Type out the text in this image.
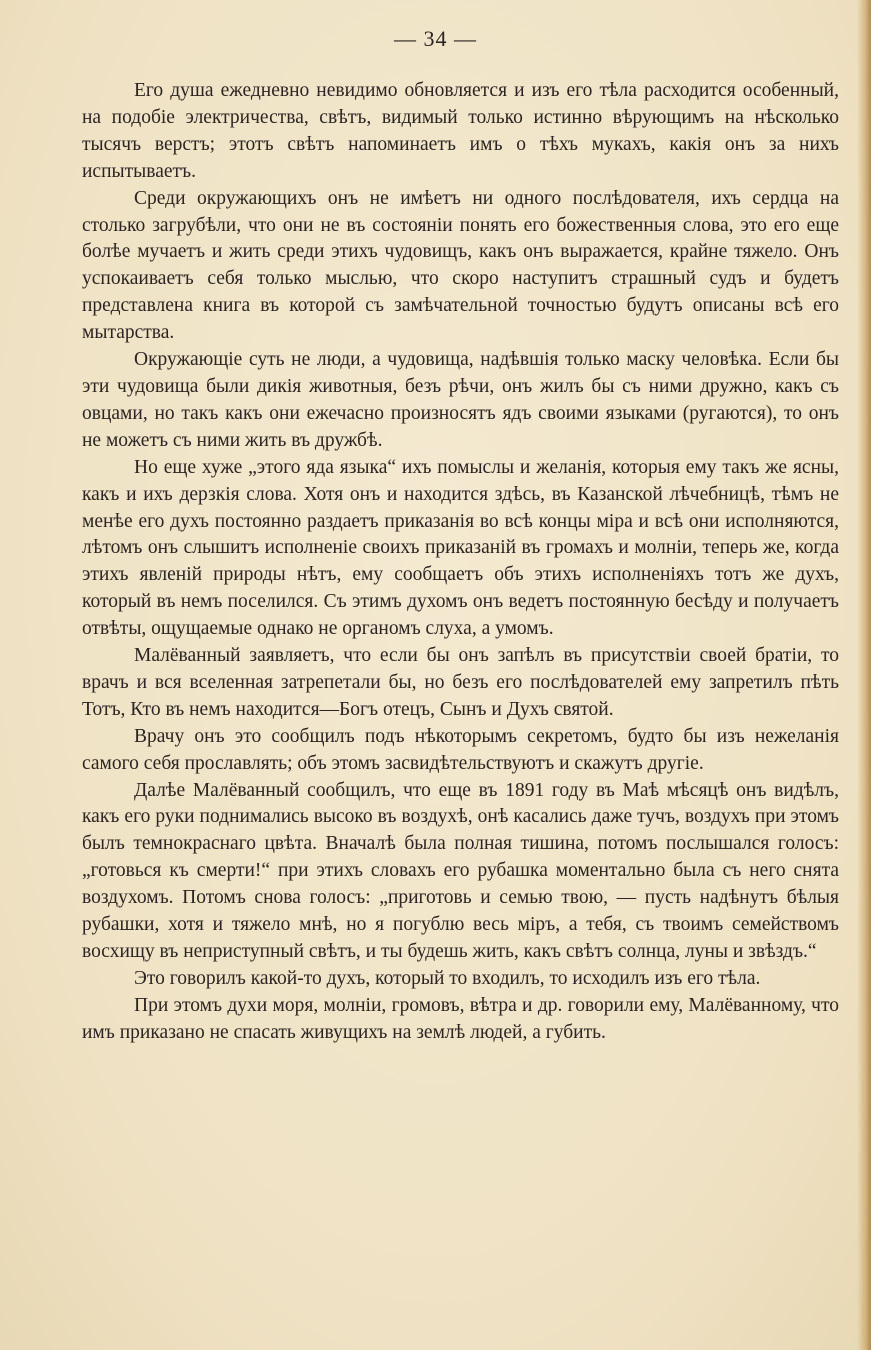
— 34 —

Его душа ежедневно невидимо обновляется и изъ его тѣла расходится особенный, на подобіе электричества, свѣтъ, видимый только истинно вѣрующимъ на нѣсколько тысячъ верстъ; этотъ свѣтъ напоминаетъ имъ о тѣхъ мукахъ, какія онъ за нихъ испытываетъ.

Среди окружающихъ онъ не имѣетъ ни одного послѣдователя, ихъ сердца на столько загрубѣли, что они не въ состояніи понять его божественныя слова, это его еще болѣе мучаетъ и жить среди этихъ чудовищъ, какъ онъ выражается, крайне тяжело. Онъ успокаиваетъ себя только мыслью, что скоро наступитъ страшный судъ и будетъ представлена книга въ которой съ замѣчательной точностью будутъ описаны всѣ его мытарства.

Окружающіе суть не люди, а чудовища, надѣвшія только маску человѣка. Если бы эти чудовища были дикія животныя, безъ рѣчи, онъ жилъ бы съ ними дружно, какъ съ овцами, но такъ какъ они ежечасно произносятъ ядъ своими языками (ругаются), то онъ не можетъ съ ними жить въ дружбѣ.

Но еще хуже „этого яда языка“ ихъ помыслы и желанія, которыя ему такъ же ясны, какъ и ихъ дерзкія слова. Хотя онъ и находится здѣсь, въ Казанской лѣчебницѣ, тѣмъ не менѣе его духъ постоянно раздаетъ приказанія во всѣ концы міра и всѣ они исполняются, лѣтомъ онъ слышитъ исполненіе своихъ приказаній въ громахъ и молніи, теперь же, когда этихъ явленій природы нѣтъ, ему сообщаетъ объ этихъ исполненіяхъ тотъ же духъ, который въ немъ поселился. Съ этимъ духомъ онъ ведетъ постоянную бесѣду и получаетъ отвѣты, ощущаемые однако не органомъ слуха, а умомъ.

Малёванный заявляетъ, что если бы онъ запѣлъ въ присутствіи своей братіи, то врачъ и вся вселенная затрепетали бы, но безъ его послѣдователей ему запретилъ пѣть Тотъ, Кто въ немъ находится—Богъ отецъ, Сынъ и Духъ святой.

Врачу онъ это сообщилъ подъ нѣкоторымъ секретомъ, будто бы изъ нежеланія самого себя прославлять; объ этомъ засвидѣтельствуютъ и скажутъ другіе.

Далѣе Малёванный сообщилъ, что еще въ 1891 году въ Маѣ мѣсяцѣ онъ видѣлъ, какъ его руки поднимались высоко въ воздухѣ, онѣ касались даже тучъ, воздухъ при этомъ былъ темнокраснаго цвѣта. Вначалѣ была полная тишина, потомъ послышался голосъ: „готовься къ смерти!“ при этихъ словахъ его рубашка моментально была съ него снята воздухомъ. Потомъ снова голосъ: „приготовь и семью твою, — пусть надѣнутъ бѣлыя рубашки, хотя и тяжело мнѣ, но я погублю весь міръ, а тебя, съ твоимъ семействомъ восхищу въ неприступный свѣтъ, и ты будешь жить, какъ свѣтъ солнца, луны и звѣздъ.“

Это говорилъ какой-то духъ, который то входилъ, то исходилъ изъ его тѣла.

При этомъ духи моря, молніи, громовъ, вѣтра и др. говорили ему, Малёванному, что имъ приказано не спасать живущихъ на землѣ людей, а губить.
